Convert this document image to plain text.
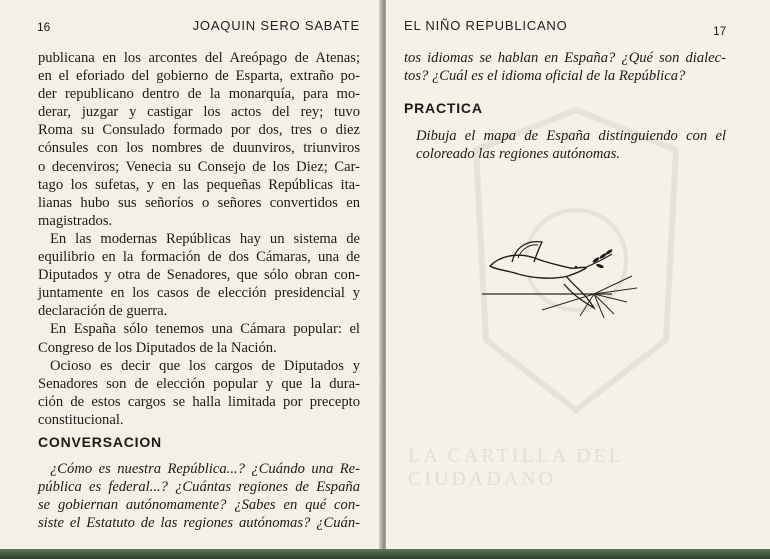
16	JOAQUIN SERO SABATE

publicana en los arcontes del Areópago de Atenas;
en el eforiado del gobierno de Esparta, extraño po-
der republicano dentro de la monarquía, para mo-
derar, juzgar y castigar los actos del rey; tuvo
Roma su Consulado formado por dos, tres o diez
cónsules con los nombres de duunviros, triunviros
o decenviros; Venecia su Consejo de los Diez; Car-
tago los sufetas, y en las pequeñas Repúblicas ita-
lianas hubo sus señoríos o señores convertidos en
magistrados.

En las modernas Repúblicas hay un sistema de
equilibrio en la formación de dos Cámaras, una de
Diputados y otra de Senadores, que sólo obran con-
juntamente en los casos de elección presidencial y
declaración de guerra.

En España sólo tenemos una Cámara popular: el
Congreso de los Diputados de la Nación.

Ocioso es decir que los cargos de Diputados y
Senadores son de elección popular y que la dura-
ción de estos cargos se halla limitada por precepto
constitucional.

CONVERSACION
¿Cómo es nuestra República...? ¿Cuándo una Re-
pública es federal...? ¿Cuántas regiones de España
se gobiernan autónomamente? ¿Sabes en qué con-
siste el Estatuto de las regiones autónomas? ¿Cuán-
LA CARTILLA DEL CIUDADANO
EL NIÑO REPUBLICANO	17
tos idiomas se hablan en España? ¿Qué son dialec-
tos? ¿Cuál es el idioma oficial de la República?
PRACTICA
Dibuja el mapa de España distinguiendo con el
coloreado las regiones autónomas.
